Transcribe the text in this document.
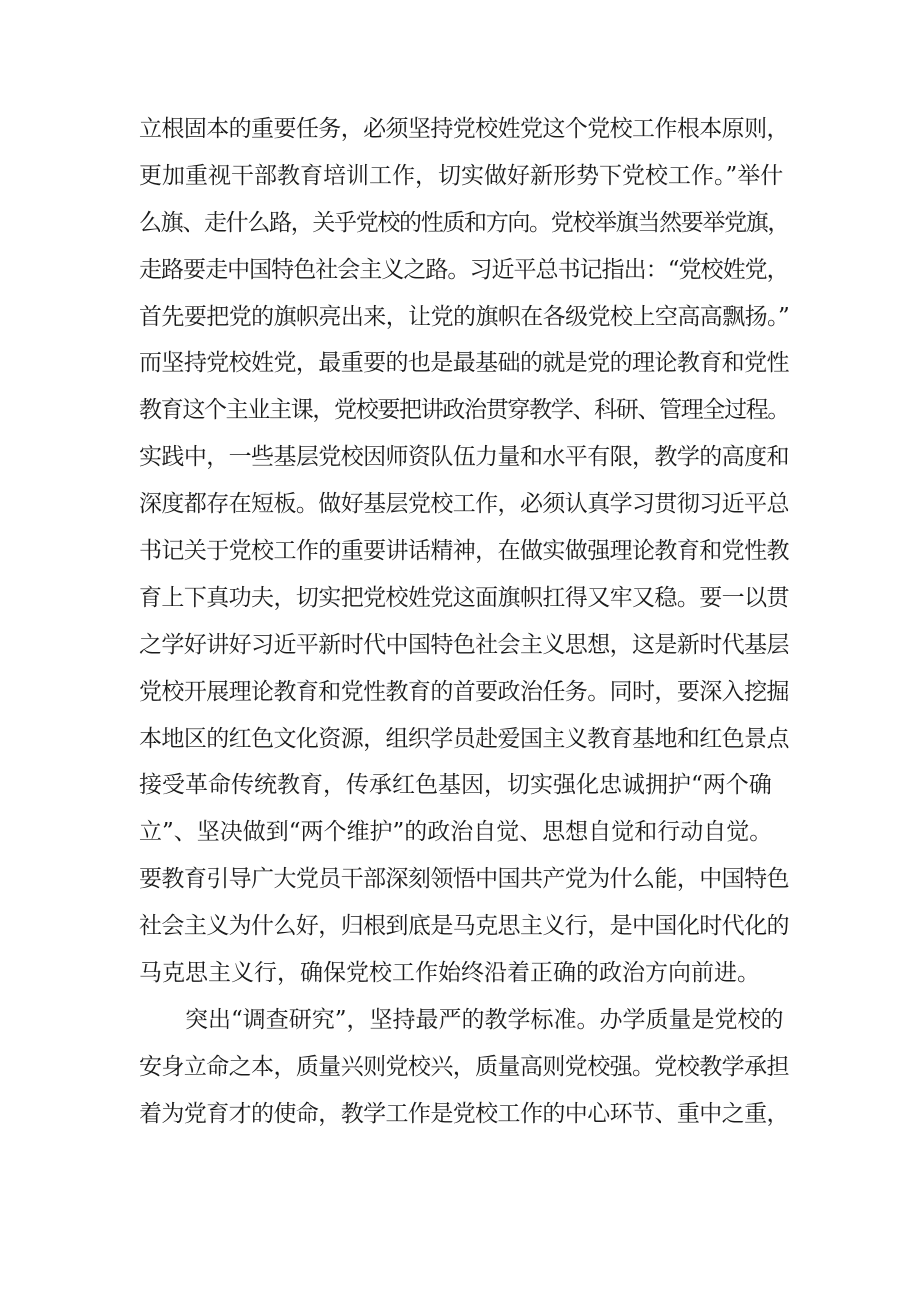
立根固本的重要任务，必须坚持党校姓党这个党校工作根本原则，
更加重视干部教育培训工作，切实做好新形势下党校工作。”举什
么旗、走什么路，关乎党校的性质和方向。党校举旗当然要举党旗，
走路要走中国特色社会主义之路。习近平总书记指出：“党校姓党，
首先要把党的旗帜亮出来，让党的旗帜在各级党校上空高高飘扬。”
而坚持党校姓党，最重要的也是最基础的就是党的理论教育和党性
教育这个主业主课，党校要把讲政治贯穿教学、科研、管理全过程。
实践中，一些基层党校因师资队伍力量和水平有限，教学的高度和
深度都存在短板。做好基层党校工作，必须认真学习贯彻习近平总
书记关于党校工作的重要讲话精神，在做实做强理论教育和党性教
育上下真功夫，切实把党校姓党这面旗帜扛得又牢又稳。要一以贯
之学好讲好习近平新时代中国特色社会主义思想，这是新时代基层
党校开展理论教育和党性教育的首要政治任务。同时，要深入挖掘
本地区的红色文化资源，组织学员赴爱国主义教育基地和红色景点
接受革命传统教育，传承红色基因，切实强化忠诚拥护“两个确
立”、坚决做到“两个维护”的政治自觉、思想自觉和行动自觉。
要教育引导广大党员干部深刻领悟中国共产党为什么能，中国特色
社会主义为什么好，归根到底是马克思主义行，是中国化时代化的
马克思主义行，确保党校工作始终沿着正确的政治方向前进。
突出“调查研究”，坚持最严的教学标准。办学质量是党校的
安身立命之本，质量兴则党校兴，质量高则党校强。党校教学承担
着为党育才的使命，教学工作是党校工作的中心环节、重中之重，
